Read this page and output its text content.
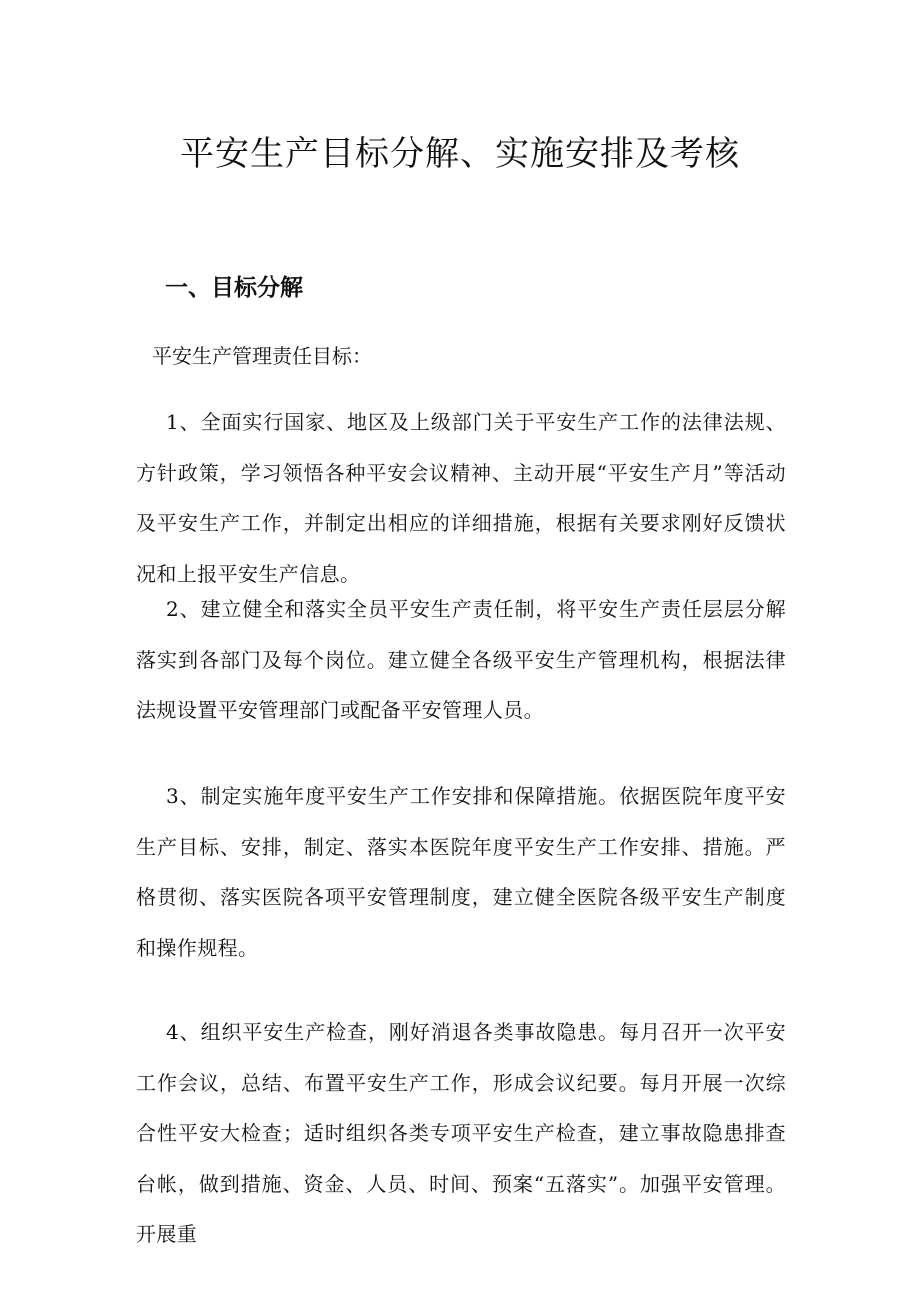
平安生产目标分解、实施安排及考核
一、目标分解

平安生产管理责任目标：

1、全面实行国家、地区及上级部门关于平安生产工作的法律法规、方针政策，学习领悟各种平安会议精神、主动开展“平安生产月”等活动及平安生产工作，并制定出相应的详细措施，根据有关要求刚好反馈状况和上报平安生产信息。

2、建立健全和落实全员平安生产责任制，将平安生产责任层层分解落实到各部门及每个岗位。建立健全各级平安生产管理机构，根据法律法规设置平安管理部门或配备平安管理人员。

3、制定实施年度平安生产工作安排和保障措施。依据医院年度平安生产目标、安排，制定、落实本医院年度平安生产工作安排、措施。严格贯彻、落实医院各项平安管理制度，建立健全医院各级平安生产制度和操作规程。

4、组织平安生产检查，刚好消退各类事故隐患。每月召开一次平安工作会议，总结、布置平安生产工作，形成会议纪要。每月开展一次综合性平安大检查；适时组织各类专项平安生产检查，建立事故隐患排查台帐，做到措施、资金、人员、时间、预案“五落实”。加强平安管理。开展重
